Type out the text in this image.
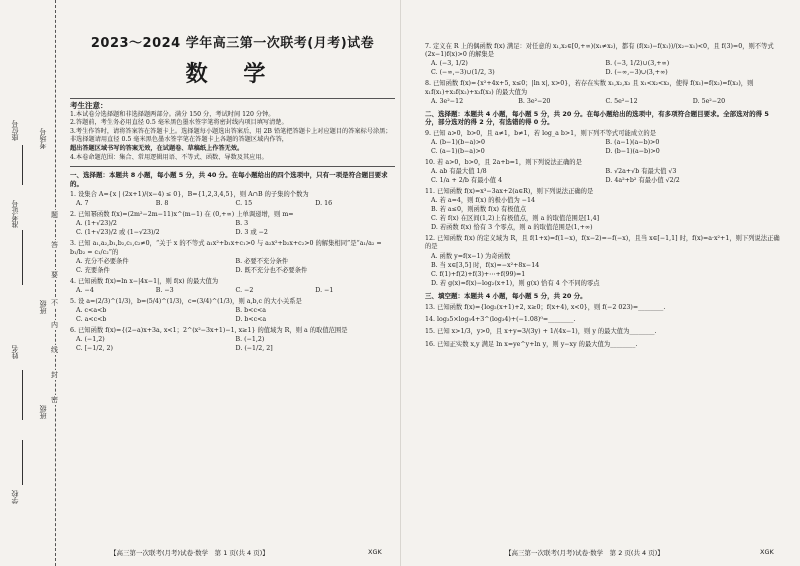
考场号
座位号
准考证号
班级
姓名
班级
学校
题
答
要
不
内
线
封
密
2023～2024 学年高三第一次联考(月考)试卷
数 学
考生注意：
1.本试卷分选择题和非选择题两部分。满分 150 分，考试时间 120 分钟。
2.答题前，考生务必用直径 0.5 毫米黑色墨水签字笔将密封线内项目填写清楚。
3.考生作答时，请将答案答在答题卡上。选择题每小题选出答案后，用 2B 铅笔把答题卡上对应题目的答案标号涂黑；非选择题请用直径 0.5 毫米黑色墨水签字笔在答题卡上各题的答题区域内作答，
超出答题区域书写的答案无效，在试题卷、草稿纸上作答无效。
4.本卷命题范围：集合、常用逻辑用语、不等式、函数、导数及其应用。
一、选择题：本题共 8 小题，每小题 5 分，共 40 分。在每小题给出的四个选项中，只有一项是符合题目要求的。
1. 设集合 A={x | (2x+1)/(x−4) ≤ 0}，B={1,2,3,4,5}，则 A∩B 的子集的个数为
A. 7	B. 8	C. 15	D. 16
2. 已知幂函数 f(x)=(2m²−2m−11)x^(m−1) 在 (0,+∞) 上单调递增，则 m=
A. (1+√23)/2	B. 3
C. (1+√23)/2 或 (1−√23)/2	D. 3 或 −2
3. 已知 a₁,a₂,b₁,b₂,c₁,c₂≠0，“关于 x 的不等式 a₁x²+b₁x+c₁>0 与 a₂x²+b₂x+c₂>0 的解集相同”是“a₁/a₂ = b₁/b₂ = c₁/c₂”的
A. 充分不必要条件	B. 必要不充分条件
C. 充要条件	D. 既不充分也不必要条件
4. 已知函数 f(x)=ln x−|4x−1|，则 f(x) 的最大值为
A. −4	B. −3	C. −2	D. −1
5. 设 a=(2/3)^(1/3)，b=(5/4)^(1/3)，c=(3/4)^(1/3)，则 a,b,c 的大小关系是
A. c<a<b	B. b<c<a
C. a<c<b	D. b<c<a
6. 已知函数 f(x)={(2−a)x+3a, x<1；2^(x²−3x+1)−1, x≥1} 的值域为 R，则 a 的取值范围是
A. (−1,2)	B. (−1,2)
C. [−1/2, 2)	D. (−1/2, 2]
【高三第一次联考(月考)试卷·数学　第 1 页(共 4 页)】	XGK
7. 定义在 R 上的偶函数 f(x) 满足：对任意的 x₁,x₂∈[0,+∞)(x₁≠x₂)，都有 (f(x₂)−f(x₁))/(x₂−x₁)<0，且 f(3)=0，则不等式 (2x−1)f(x)>0 的解集是
A. (−3, 1/2)	B. (−3, 1/2)∪(3,+∞)
C. (−∞,−3)∪(1/2, 3)	D. (−∞,−3)∪(3,+∞)
8. 已知函数 f(x)={x²+4x+5, x≤0；|ln x|, x>0}，若存在实数 x₁,x₂,x₃ 且 x₁<x₂<x₃，使得 f(x₁)=f(x₂)=f(x₃)，则 x₁f(x₁)+x₂f(x₂)+x₃f(x₃) 的最大值为
A. 3e²−12	B. 3e²−20	C. 5e²−12	D. 5e²−20
二、选择题：本题共 4 小题，每小题 5 分，共 20 分。在每小题给出的选项中，有多项符合题目要求。全部选对的得 5 分，部分选对的得 2 分，有选错的得 0 分。
9. 已知 a>0，b>0，且 a≠1，b≠1，若 log_a b>1，则下列不等式可能成立的是
A. (b−1)(b−a)>0	B. (a−1)(a−b)>0
C. (a−1)(b−a)>0	D. (b−1)(a−b)>0
10. 若 a>0，b>0，且 2a+b=1，则下列说法正确的是
A. ab 有最大值 1/8	B. √2a+√b 有最大值 √3
C. 1/a + 2/b 有最小值 4	D. 4a²+b² 有最小值 √2/2
11. 已知函数 f(x)=x³−3ax+2(a∈R)，则下列说法正确的是
A. 若 a=4，则 f(x) 的极小值为 −14
B. 若 a≤0，则函数 f(x) 有极值点
C. 若 f(x) 在区间(1,2)上有极值点，则 a 的取值范围是[1,4]
D. 若函数 f(x) 恰有 3 个零点，则 a 的取值范围是(1,+∞)
12. 已知函数 f(x) 的定义域为 R，且 f(1+x)=f(1−x)，f(x−2)=−f(−x)，且当 x∈[−1,1] 时，f(x)=a·x²+1，则下列说法正确的是
A. 函数 y=f(x−1) 为奇函数
B. 当 x∈[3,5] 时，f(x)=−x²+8x−14
C. f(1)+f(2)+f(3)+⋯+f(99)=1
D. 若 g(x)=f(x)−log₂(x+1)，则 g(x) 恰有 4 个不同的零点
三、填空题：本题共 4 小题，每小题 5 分，共 20 分。
13. 已知函数 f(x)={log₂(x+1)+2, x≥0；f(x+4), x<0}，则 f(−2 023)=________.
14. log₃5×log₅4+3^(log₃4)+(−1.08)⁰=________.
15. 已知 x>1/3，y>0，且 x+y=3/(3y) + 1/(4x−1)，则 y 的最大值为________.
16. 已知正实数 x,y 满足 ln x=ye^y+ln y，则 y−xy 的最大值为________.
【高三第一次联考(月考)试卷·数学　第 2 页(共 4 页)】	XGK
